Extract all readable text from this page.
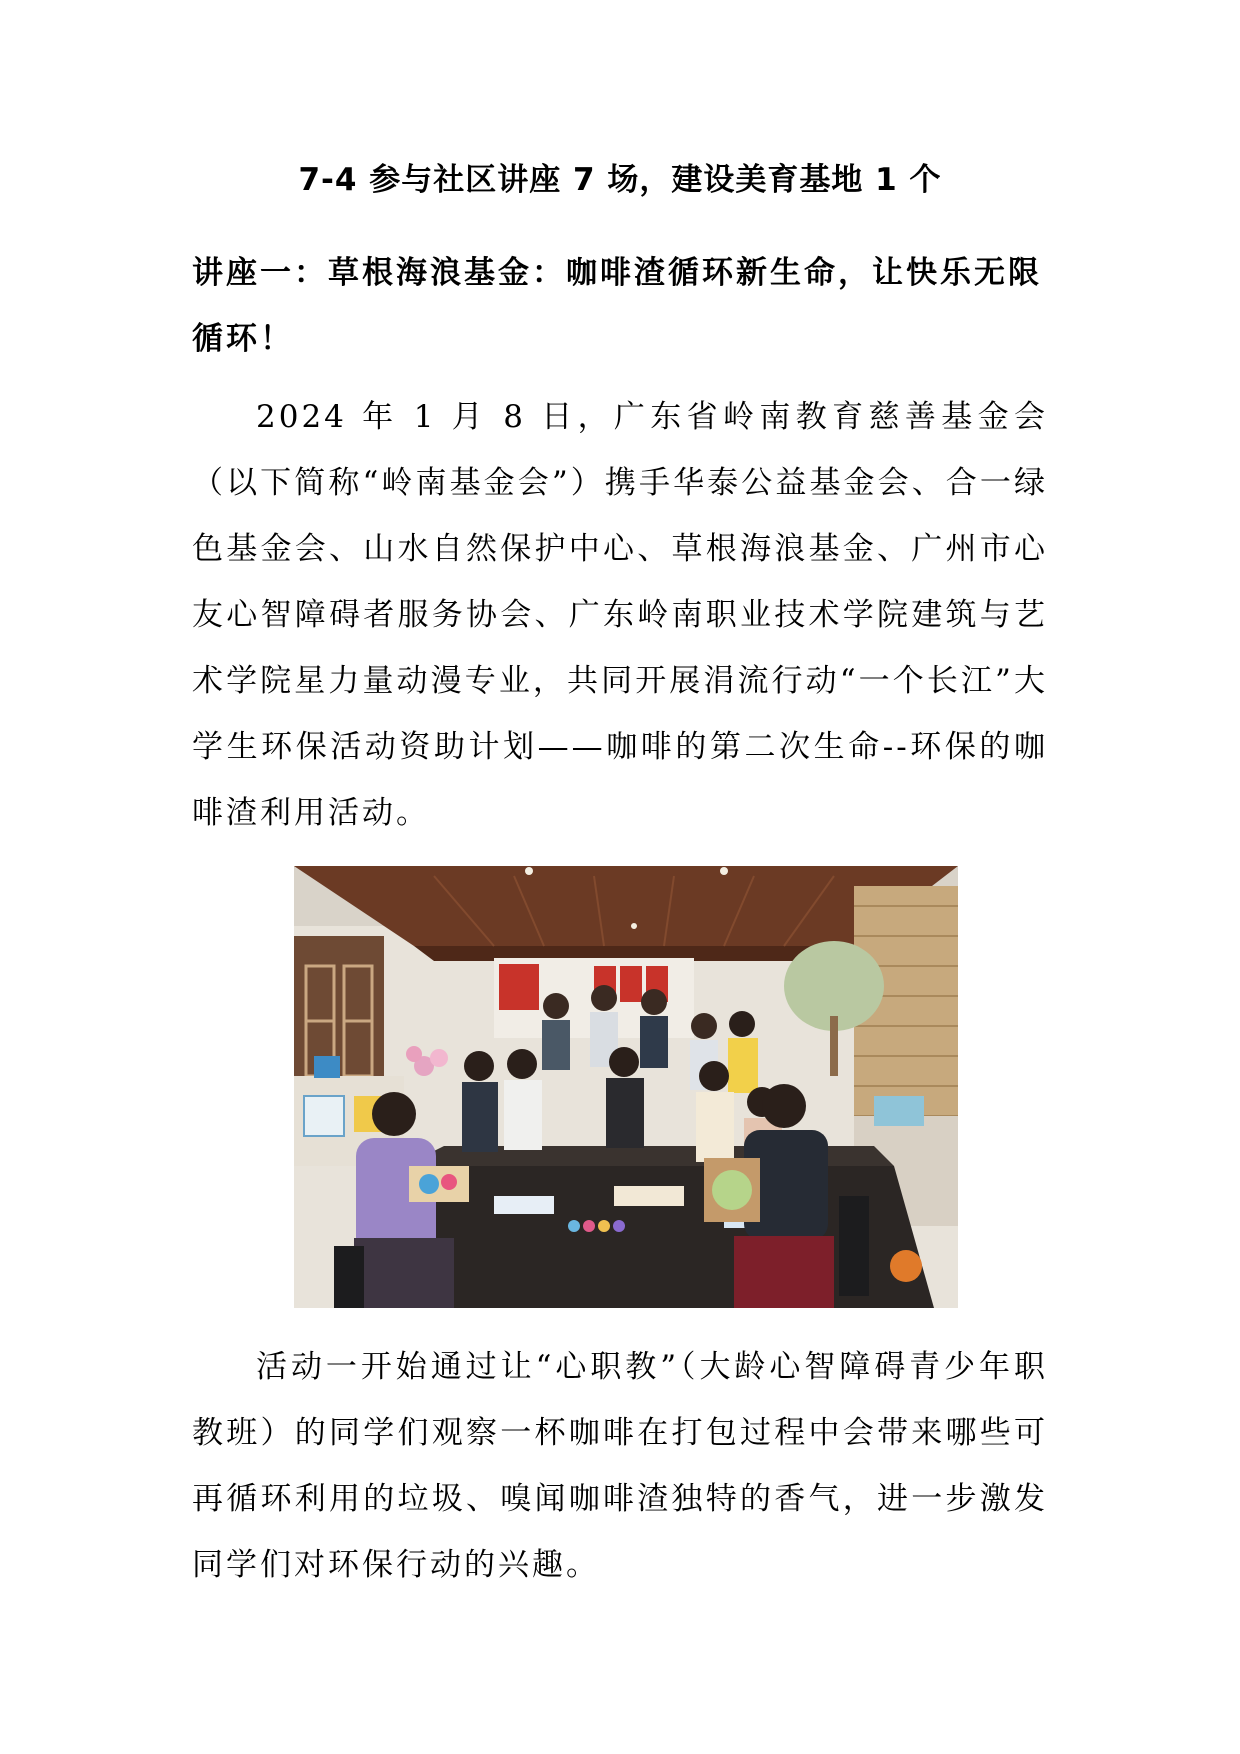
7-4 参与社区讲座 7 场，建设美育基地 1 个
讲座一：草根海浪基金：咖啡渣循环新生命，让快乐无限循环！
2024 年 1 月 8 日，广东省岭南教育慈善基金会（以下简称“岭南基金会”）携手华泰公益基金会、合一绿色基金会、山水自然保护中心、草根海浪基金、广州市心友心智障碍者服务协会、广东岭南职业技术学院建筑与艺术学院星力量动漫专业，共同开展涓流行动“一个长江”大学生环保活动资助计划——咖啡的第二次生命--环保的咖啡渣利用活动。
活动一开始通过让“心职教”（大龄心智障碍青少年职教班）的同学们观察一杯咖啡在打包过程中会带来哪些可再循环利用的垃圾、嗅闻咖啡渣独特的香气，进一步激发同学们对环保行动的兴趣。
